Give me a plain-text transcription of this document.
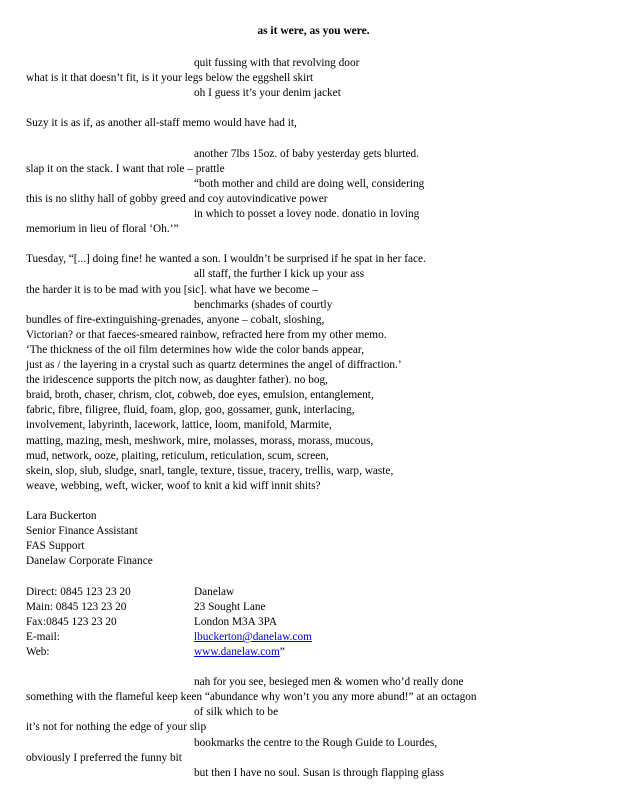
as it were, as you were.
quit fussing with that revolving door
what is it that doesn’t fit, is it your legs below the eggshell skirt
oh I guess it’s your denim jacket
Suzy it is as if, as another all-staff memo would have had it,
another 7lbs 15oz. of baby yesterday gets blurted.
slap it on the stack. I want that role – prattle
“both mother and child are doing well, considering
this is no slithy hall of gobby greed and coy autovindicative power
in which to posset a lovey node. donatio in loving
memorium in lieu of floral ‘Oh.’”
Tuesday, “[...] doing fine! he wanted a son. I wouldn’t be surprised if he spat in her face.
all staff, the further I kick up your ass
the harder it is to be mad with you [sic]. what have we become –
benchmarks (shades of courtly
bundles of fire-extinguishing-grenades, anyone – cobalt, sloshing,
Victorian? or that faeces-smeared rainbow, refracted here from my other memo.
‘The thickness of the oil film determines how wide the color bands appear,
just as / the layering in a crystal such as quartz determines the angel of diffraction.’
the iridescence supports the pitch now, as daughter father). no bog,
braid, broth, chaser, chrism, clot, cobweb, doe eyes, emulsion, entanglement,
fabric, fibre, filigree, fluid, foam, glop, goo, gossamer, gunk, interlacing,
involvement, labyrinth, lacework, lattice, loom, manifold, Marmite,
matting, mazing, mesh, meshwork, mire, molasses, morass, morass, mucous,
mud, network, ooze, plaiting, reticulum, reticulation, scum, screen,
skein, slop, slub, sludge, snarl, tangle, texture, tissue, tracery, trellis, warp, waste,
weave, webbing, weft, wicker, woof to knit a kid wiff innit shits?
Lara Buckerton
Senior Finance Assistant
FAS Support
Danelaw Corporate Finance
Direct: 0845 123 23 20	Danelaw
Main: 0845 123 23 20	23 Sought Lane
Fax:0845 123 23 20	London M3A 3PA
E-mail:	lbuckerton@danelaw.com
Web:	www.danelaw.com”
nah for you see, besieged men & women who’d really done
something with the flameful keep keen “abundance why won’t you any more abund!” at an octagon
of silk which to be
it’s not for nothing the edge of your slip
bookmarks the centre to the Rough Guide to Lourdes,
obviously I preferred the funny bit
but then I have no soul. Susan is through flapping glass
